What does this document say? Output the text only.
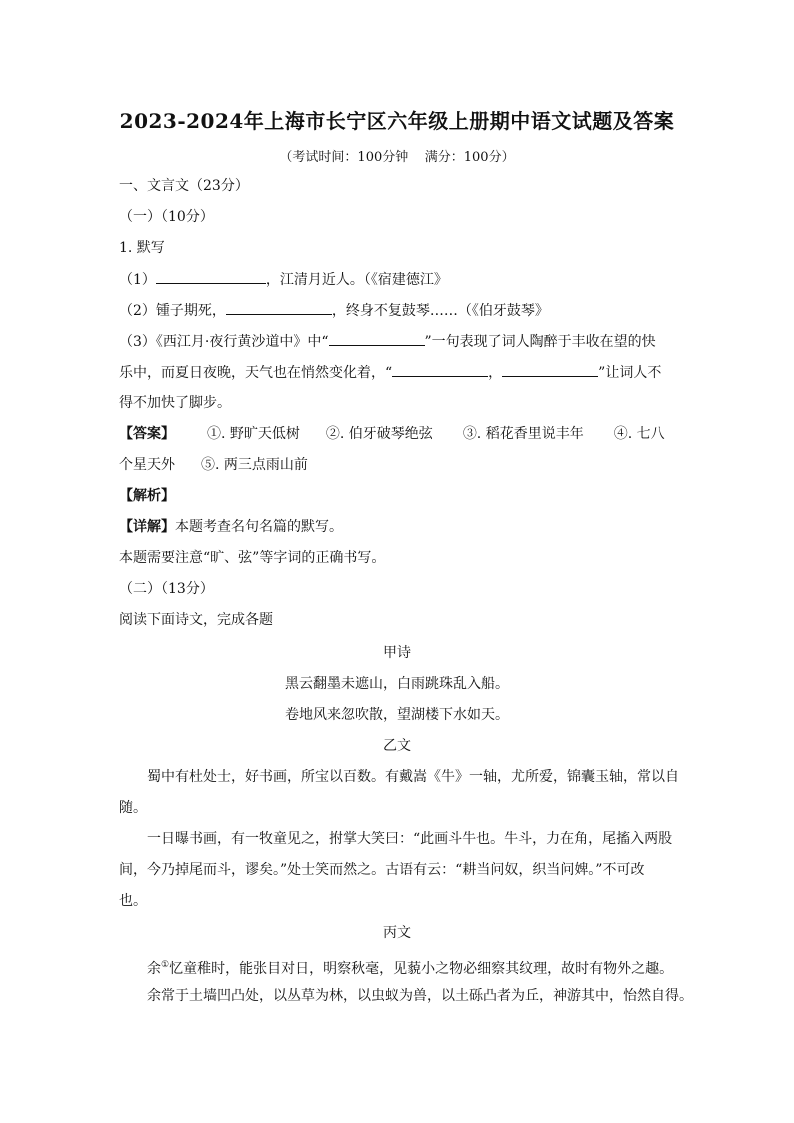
2023-2024年上海市长宁区六年级上册期中语文试题及答案
（考试时间：100分钟    满分：100分）
一、文言文（23分）
（一）（10分）
1. 默写
（1）	，江清月近人。（《宿建德江》
（2）锺子期死，	，终身不复鼓琴……（《伯牙鼓琴》
（3）《西江月·夜行黄沙道中》中“	”一句表现了词人陶醉于丰收在望的快
乐中，而夏日夜晚，天气也在悄然变化着，“	，	”让词人不
得不加快了脚步。
【答案】 ①. 野旷天低树 ②. 伯牙破琴绝弦 ③. 稻花香里说丰年 ④. 七八
个星天外 ⑤. 两三点雨山前
【解析】
【详解】本题考查名句名篇的默写。
本题需要注意“旷、弦”等字词的正确书写。
（二）（13分）
阅读下面诗文，完成各题
甲诗
黑云翻墨未遮山，白雨跳珠乱入船。
卷地风来忽吹散，望湖楼下水如天。
乙文
蜀中有杜处士，好书画，所宝以百数。有戴嵩《牛》一轴，尤所爱，锦囊玉轴，常以自
随。
一日曝书画，有一牧童见之，拊掌大笑曰：“此画斗牛也。牛斗，力在角，尾搐入两股
间，今乃掉尾而斗，谬矣。”处士笑而然之。古语有云：“耕当问奴，织当问婢。”不可改
也。
丙文
余①忆童稚时，能张目对日，明察秋毫，见藐小之物必细察其纹理，故时有物外之趣。
余常于土墙凹凸处，以丛草为林，以虫蚁为兽，以土砾凸者为丘，神游其中，怡然自得。
